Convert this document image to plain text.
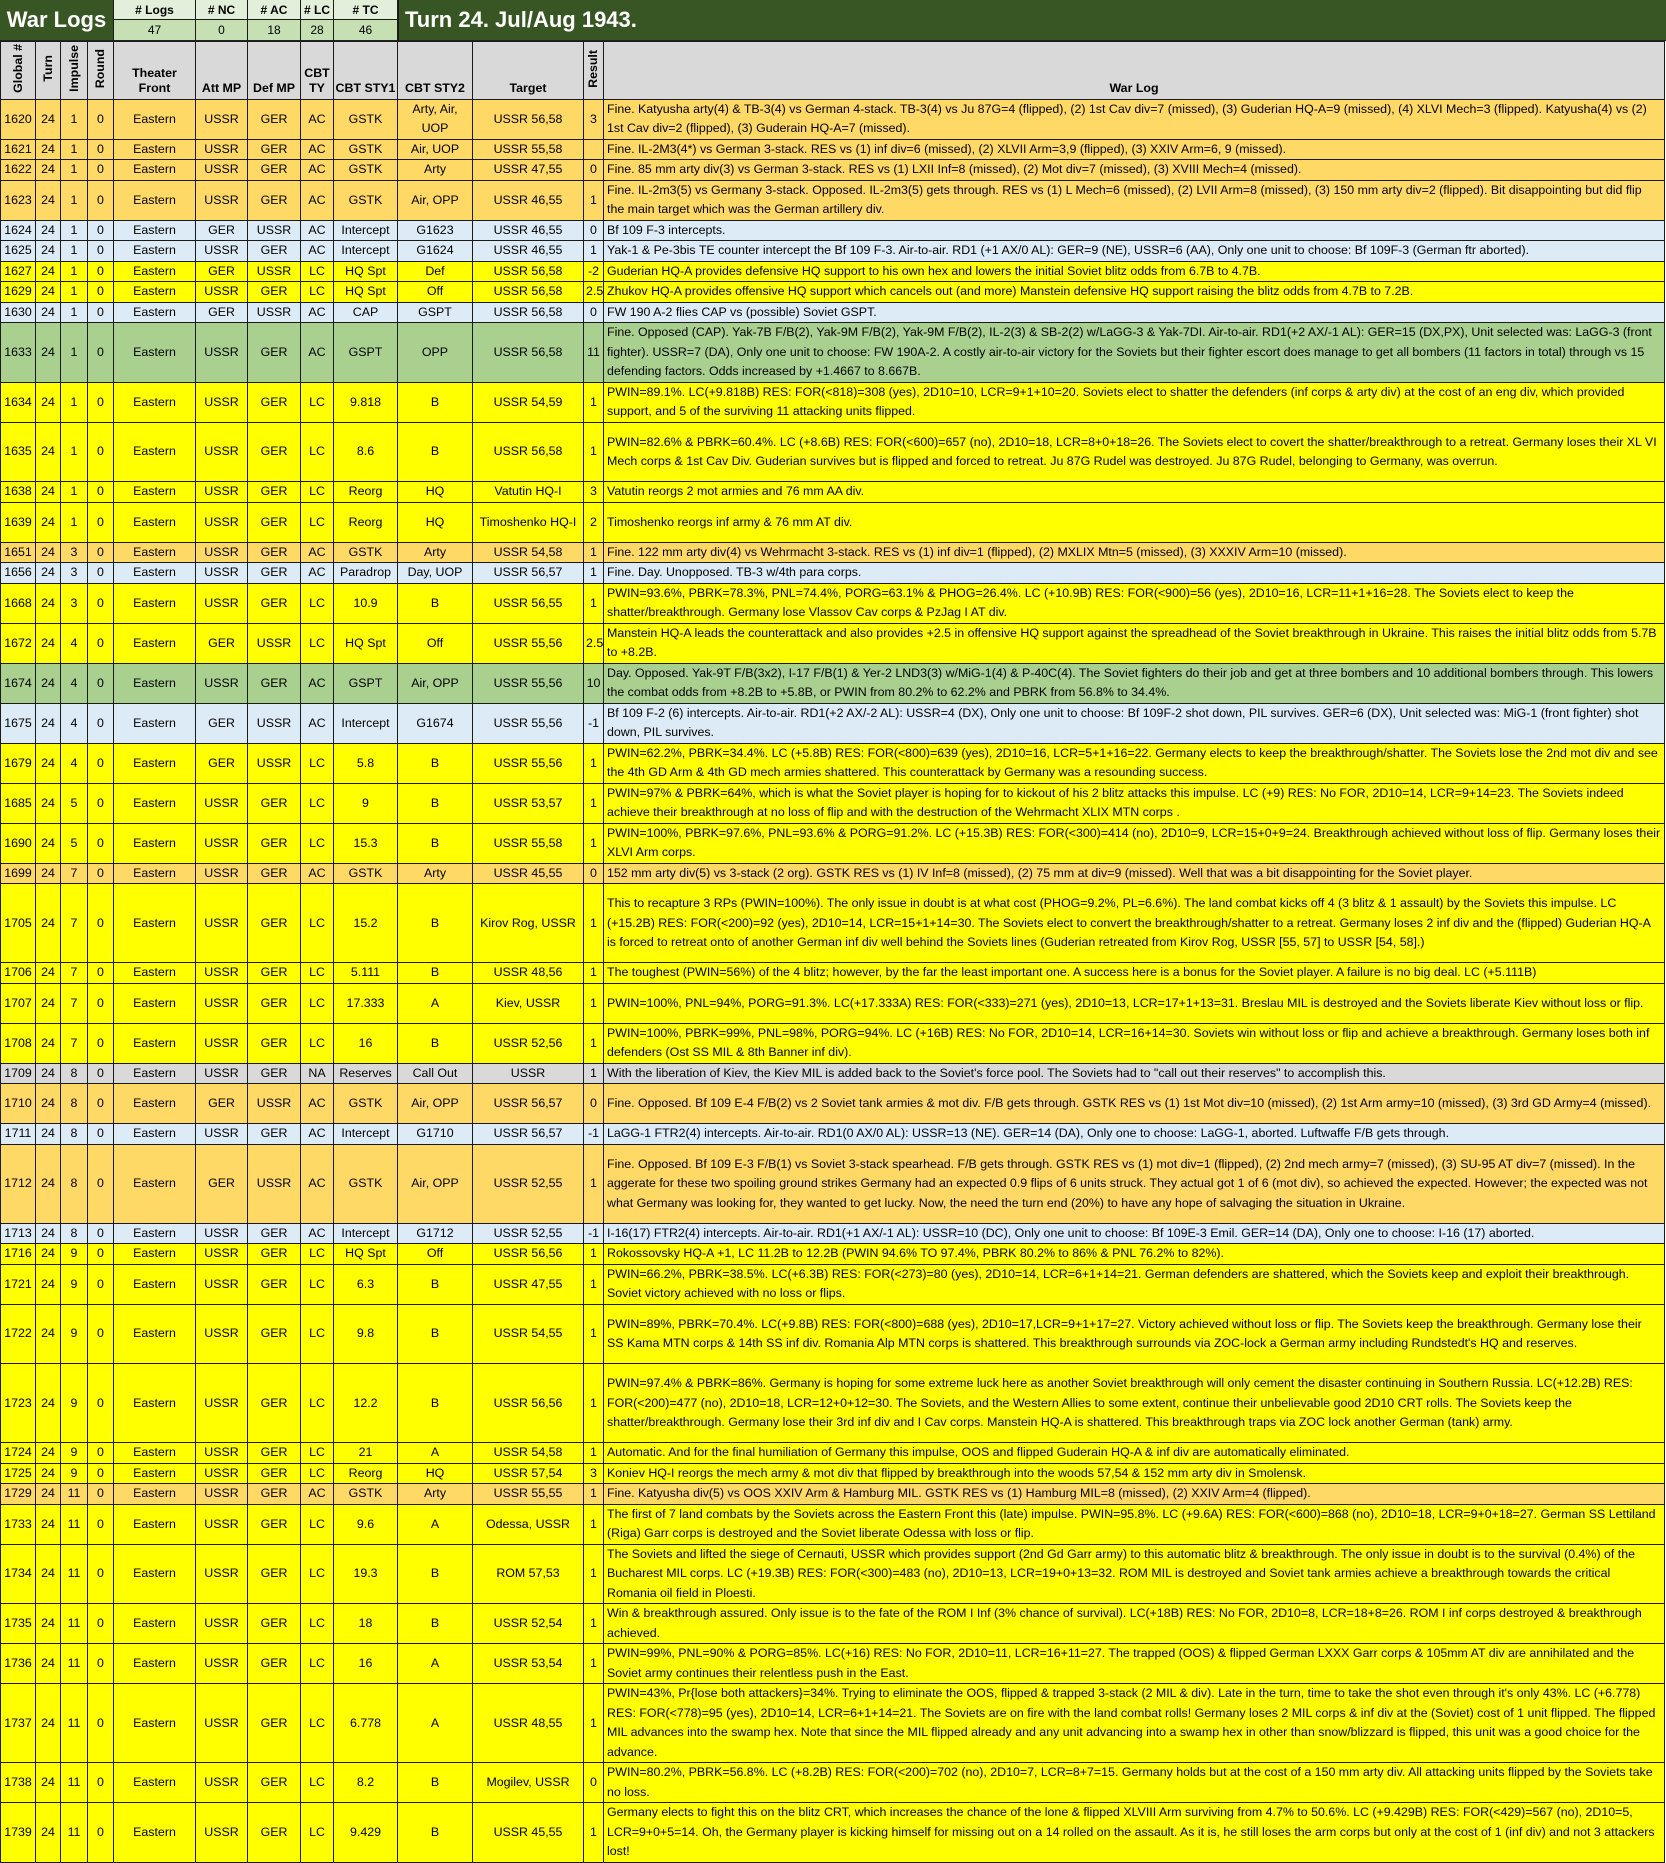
War Logs	# Logs
47
# NC
0
# AC
18
# LC
28
# TC
46	Turn 24. Jul/Aug 1943.
Global #	Turn	Impulse	Round	Theater Front	Att MP	Def MP	CBT TY	CBT STY1	CBT STY2	Target	Result	War Log
1620	24	1	0	Eastern	USSR	GER	AC	GSTK	Arty, Air, UOP	USSR 56,58	3	Fine. Katyusha arty(4) & TB-3(4) vs German 4-stack. TB-3(4) vs Ju 87G=4 (flipped), (2) 1st Cav div=7 (missed), (3) Guderian HQ-A=9 (missed), (4) XLVI Mech=3 (flipped). Katyusha(4) vs (2) 1st Cav div=2 (flipped), (3) Guderain HQ-A=7 (missed).
1621	24	1	0	Eastern	USSR	GER	AC	GSTK	Air, UOP	USSR 55,58		Fine. IL-2M3(4*) vs German 3-stack. RES vs (1) inf div=6 (missed), (2) XLVII Arm=3,9 (flipped), (3) XXIV Arm=6, 9 (missed).
1622	24	1	0	Eastern	USSR	GER	AC	GSTK	Arty	USSR 47,55	0	Fine. 85 mm arty div(3) vs German 3-stack. RES vs (1) LXII Inf=8 (missed), (2) Mot div=7 (missed), (3) XVIII Mech=4 (missed).
1623	24	1	0	Eastern	USSR	GER	AC	GSTK	Air, OPP	USSR 46,55	1	Fine. IL-2m3(5) vs Germany 3-stack. Opposed. IL-2m3(5) gets through. RES vs (1) L Mech=6 (missed), (2) LVII Arm=8 (missed), (3) 150 mm arty div=2 (flipped). Bit disappointing but did flip the main target which was the German artillery div.
1624	24	1	0	Eastern	GER	USSR	AC	Intercept	G1623	USSR 46,55	0	Bf 109 F-3 intercepts.
1625	24	1	0	Eastern	USSR	GER	AC	Intercept	G1624	USSR 46,55	1	Yak-1 & Pe-3bis TE counter intercept the Bf 109 F-3. Air-to-air. RD1 (+1 AX/0 AL): GER=9 (NE), USSR=6 (AA), Only one unit to choose: Bf 109F-3 (German ftr aborted).
1627	24	1	0	Eastern	GER	USSR	LC	HQ Spt	Def	USSR 56,58	-2	Guderian HQ-A provides defensive HQ support to his own hex and lowers the initial Soviet blitz odds from 6.7B to 4.7B.
1629	24	1	0	Eastern	USSR	GER	LC	HQ Spt	Off	USSR 56,58	2.5	Zhukov HQ-A provides offensive HQ support which cancels out (and more) Manstein defensive HQ support raising the blitz odds from 4.7B to 7.2B.
1630	24	1	0	Eastern	GER	USSR	AC	CAP	GSPT	USSR 56,58	0	FW 190 A-2 flies CAP vs (possible) Soviet GSPT.
1633	24	1	0	Eastern	USSR	GER	AC	GSPT	OPP	USSR 56,58	11	Fine. Opposed (CAP). Yak-7B F/B(2), Yak-9M F/B(2), Yak-9M F/B(2), IL-2(3) & SB-2(2) w/LaGG-3 & Yak-7DI. Air-to-air. RD1(+2 AX/-1 AL): GER=15 (DX,PX), Unit selected was: LaGG-3 (front fighter). USSR=7 (DA), Only one unit to choose: FW 190A-2. A costly air-to-air victory for the Soviets but their fighter escort does manage to get all bombers (11 factors in total) through vs 15 defending factors. Odds increased by +1.4667 to 8.667B.
1634	24	1	0	Eastern	USSR	GER	LC	9.818	B	USSR 54,59	1	PWIN=89.1%. LC(+9.818B) RES: FOR(<818)=308 (yes), 2D10=10, LCR=9+1+10=20. Soviets elect to shatter the defenders (inf corps & arty div) at the cost of an eng div, which provided support, and 5 of the surviving 11 attacking units flipped.
1635	24	1	0	Eastern	USSR	GER	LC	8.6	B	USSR 56,58	1	PWIN=82.6% & PBRK=60.4%. LC (+8.6B) RES: FOR(<600)=657 (no), 2D10=18, LCR=8+0+18=26. The Soviets elect to covert the shatter/breakthrough to a retreat. Germany loses their XL VI Mech corps & 1st Cav Div. Guderian survives but is flipped and forced to retreat. Ju 87G Rudel was destroyed. Ju 87G Rudel, belonging to Germany, was overrun.
1638	24	1	0	Eastern	USSR	GER	LC	Reorg	HQ	Vatutin HQ-I	3	Vatutin reorgs 2 mot armies and 76 mm AA div.
1639	24	1	0	Eastern	USSR	GER	LC	Reorg	HQ	Timoshenko HQ-I	2	Timoshenko reorgs inf army & 76 mm AT div.
1651	24	3	0	Eastern	USSR	GER	AC	GSTK	Arty	USSR 54,58	1	Fine. 122 mm arty div(4) vs Wehrmacht 3-stack. RES vs (1) inf div=1 (flipped), (2) MXLIX Mtn=5 (missed), (3) XXXIV Arm=10 (missed).
1656	24	3	0	Eastern	USSR	GER	AC	Paradrop	Day, UOP	USSR 56,57	1	Fine. Day. Unopposed. TB-3 w/4th para corps.
1668	24	3	0	Eastern	USSR	GER	LC	10.9	B	USSR 56,55	1	PWIN=93.6%, PBRK=78.3%, PNL=74.4%, PORG=63.1% & PHOG=26.4%. LC (+10.9B) RES: FOR(<900)=56 (yes), 2D10=16, LCR=11+1+16=28. The Soviets elect to keep the shatter/breakthrough. Germany lose Vlassov Cav corps & PzJag I AT div.
1672	24	4	0	Eastern	GER	USSR	LC	HQ Spt	Off	USSR 55,56	2.5	Manstein HQ-A leads the counterattack and also provides +2.5 in offensive HQ support against the spreadhead of the Soviet breakthrough in Ukraine. This raises the initial blitz odds from 5.7B to +8.2B.
1674	24	4	0	Eastern	USSR	GER	AC	GSPT	Air, OPP	USSR 55,56	10	Day. Opposed. Yak-9T F/B(3x2), I-17 F/B(1) & Yer-2 LND3(3) w/MiG-1(4) & P-40C(4). The Soviet fighters do their job and get at three bombers and 10 additional bombers through. This lowers the combat odds from +8.2B to +5.8B, or PWIN from 80.2% to 62.2% and PBRK from 56.8% to 34.4%.
1675	24	4	0	Eastern	GER	USSR	AC	Intercept	G1674	USSR 55,56	-1	Bf 109 F-2 (6) intercepts. Air-to-air. RD1(+2 AX/-2 AL): USSR=4 (DX), Only one unit to choose: Bf 109F-2 shot down, PIL survives. GER=6 (DX), Unit selected was: MiG-1 (front fighter) shot down, PIL survives.
1679	24	4	0	Eastern	GER	USSR	LC	5.8	B	USSR 55,56	1	PWIN=62.2%, PBRK=34.4%. LC (+5.8B) RES: FOR(<800)=639 (yes), 2D10=16, LCR=5+1+16=22. Germany elects to keep the breakthrough/shatter. The Soviets lose the 2nd mot div and see the 4th GD Arm & 4th GD mech armies shattered. This counterattack by Germany was a resounding success.
1685	24	5	0	Eastern	USSR	GER	LC	9	B	USSR 53,57	1	PWIN=97% & PBRK=64%, which is what the Soviet player is hoping for to kickout of his 2 blitz attacks this impulse. LC (+9) RES: No FOR, 2D10=14, LCR=9+14=23. The Soviets indeed achieve their breakthrough at no loss of flip and with the destruction of the Wehrmacht XLIX MTN corps .
1690	24	5	0	Eastern	USSR	GER	LC	15.3	B	USSR 55,58	1	PWIN=100%, PBRK=97.6%, PNL=93.6% & PORG=91.2%. LC (+15.3B) RES: FOR(<300)=414 (no), 2D10=9, LCR=15+0+9=24. Breakthrough achieved without loss of flip. Germany loses their XLVI Arm corps.
1699	24	7	0	Eastern	USSR	GER	AC	GSTK	Arty	USSR 45,55	0	152 mm arty div(5) vs 3-stack (2 org). GSTK RES vs (1) IV Inf=8 (missed), (2) 75 mm at div=9 (missed). Well that was a bit disappointing for the Soviet player.
1705	24	7	0	Eastern	USSR	GER	LC	15.2	B	Kirov Rog, USSR	1	This to recapture 3 RPs (PWIN=100%). The only issue in doubt is at what cost (PHOG=9.2%, PL=6.6%). The land combat kicks off 4 (3 blitz & 1 assault) by the Soviets this impulse. LC (+15.2B) RES: FOR(<200)=92 (yes), 2D10=14, LCR=15+1+14=30. The Soviets elect to convert the breakthrough/shatter to a retreat. Germany loses 2 inf div and the (flipped) Guderian HQ-A is forced to retreat onto of another German inf div well behind the Soviets lines (Guderian retreated from Kirov Rog, USSR [55, 57] to USSR [54, 58].)
1706	24	7	0	Eastern	USSR	GER	LC	5.111	B	USSR 48,56	1	The toughest (PWIN=56%) of the 4 blitz; however, by the far the least important one. A success here is a bonus for the Soviet player. A failure is no big deal. LC (+5.111B)
1707	24	7	0	Eastern	USSR	GER	LC	17.333	A	Kiev, USSR	1	PWIN=100%, PNL=94%, PORG=91.3%. LC(+17.333A) RES: FOR(<333)=271 (yes), 2D10=13, LCR=17+1+13=31. Breslau MIL is destroyed and the Soviets liberate Kiev without loss or flip.
1708	24	7	0	Eastern	USSR	GER	LC	16	B	USSR 52,56	1	PWIN=100%, PBRK=99%, PNL=98%, PORG=94%. LC (+16B) RES: No FOR, 2D10=14, LCR=16+14=30. Soviets win without loss or flip and achieve a breakthrough. Germany loses both inf defenders (Ost SS MIL & 8th Banner inf div).
1709	24	8	0	Eastern	USSR	GER	NA	Reserves	Call Out	USSR	1	With the liberation of Kiev, the Kiev MIL is added back to the Soviet's force pool. The Soviets had to "call out their reserves" to accomplish this.
1710	24	8	0	Eastern	GER	USSR	AC	GSTK	Air, OPP	USSR 56,57	0	Fine. Opposed. Bf 109 E-4 F/B(2) vs 2 Soviet tank armies & mot div. F/B gets through. GSTK RES vs (1) 1st Mot div=10 (missed), (2) 1st Arm army=10 (missed), (3) 3rd GD Army=4 (missed).
1711	24	8	0	Eastern	USSR	GER	AC	Intercept	G1710	USSR 56,57	-1	LaGG-1 FTR2(4) intercepts. Air-to-air. RD1(0 AX/0 AL): USSR=13 (NE). GER=14 (DA), Only one to choose: LaGG-1, aborted. Luftwaffe F/B gets through.
1712	24	8	0	Eastern	GER	USSR	AC	GSTK	Air, OPP	USSR 52,55	1	Fine. Opposed. Bf 109 E-3 F/B(1) vs Soviet 3-stack spearhead. F/B gets through. GSTK RES vs (1) mot div=1 (flipped), (2) 2nd mech army=7 (missed), (3) SU-95 AT div=7 (missed). In the aggerate for these two spoiling ground strikes Germany had an expected 0.9 flips of 6 units struck. They actual got 1 of 6 (mot div), so achieved the expected. However; the expected was not what Germany was looking for, they wanted to get lucky. Now, the need the turn end (20%) to have any hope of salvaging the situation in Ukraine.
1713	24	8	0	Eastern	USSR	GER	AC	Intercept	G1712	USSR 52,55	-1	I-16(17) FTR2(4) intercepts. Air-to-air. RD1(+1 AX/-1 AL): USSR=10 (DC), Only one unit to choose: Bf 109E-3 Emil. GER=14 (DA), Only one to choose: I-16 (17) aborted.
1716	24	9	0	Eastern	USSR	GER	LC	HQ Spt	Off	USSR 56,56	1	Rokossovsky HQ-A +1, LC 11.2B to 12.2B (PWIN 94.6% TO 97.4%, PBRK 80.2% to 86% & PNL 76.2% to 82%).
1721	24	9	0	Eastern	USSR	GER	LC	6.3	B	USSR 47,55	1	PWIN=66.2%, PBRK=38.5%. LC(+6.3B) RES: FOR(<273)=80 (yes), 2D10=14, LCR=6+1+14=21. German defenders are shattered, which the Soviets keep and exploit their breakthrough. Soviet victory achieved with no loss or flips.
1722	24	9	0	Eastern	USSR	GER	LC	9.8	B	USSR 54,55	1	PWIN=89%, PBRK=70.4%. LC(+9.8B) RES: FOR(<800)=688 (yes), 2D10=17,LCR=9+1+17=27. Victory achieved without loss or flip. The Soviets keep the breakthrough. Germany lose their SS Kama MTN corps & 14th SS inf div. Romania Alp MTN corps is shattered. This breakthrough surrounds via ZOC-lock a German army including Rundstedt's HQ and reserves.
1723	24	9	0	Eastern	USSR	GER	LC	12.2	B	USSR 56,56	1	PWIN=97.4% & PBRK=86%. Germany is hoping for some extreme luck here as another Soviet breakthrough will only cement the disaster continuing in Southern Russia. LC(+12.2B) RES: FOR(<200)=477 (no), 2D10=18, LCR=12+0+12=30. The Soviets, and the Western Allies to some extent, continue their unbelievable good 2D10 CRT rolls. The Soviets keep the shatter/breakthrough. Germany lose their 3rd inf div and I Cav corps. Manstein HQ-A is shattered. This breakthrough traps via ZOC lock another German (tank) army.
1724	24	9	0	Eastern	USSR	GER	LC	21	A	USSR 54,58	1	Automatic. And for the final humiliation of Germany this impulse, OOS and flipped Guderain HQ-A & inf div are automatically eliminated.
1725	24	9	0	Eastern	USSR	GER	LC	Reorg	HQ	USSR 57,54	3	Koniev HQ-I reorgs the mech army & mot div that flipped by breakthrough into the woods 57,54 & 152 mm arty div in Smolensk.
1729	24	11	0	Eastern	USSR	GER	AC	GSTK	Arty	USSR 55,55	1	Fine. Katyusha div(5) vs OOS XXIV Arm & Hamburg MIL. GSTK RES vs (1) Hamburg MIL=8 (missed), (2) XXIV Arm=4 (flipped).
1733	24	11	0	Eastern	USSR	GER	LC	9.6	A	Odessa, USSR	1	The first of 7 land combats by the Soviets across the Eastern Front this (late) impulse. PWIN=95.8%. LC (+9.6A) RES: FOR(<600)=868 (no), 2D10=18, LCR=9+0+18=27. German SS Lettiland (Riga) Garr corps is destroyed and the Soviet liberate Odessa with loss or flip.
1734	24	11	0	Eastern	USSR	GER	LC	19.3	B	ROM 57,53	1	The Soviets and lifted the siege of Cernauti, USSR which provides support (2nd Gd Garr army) to this automatic blitz & breakthrough. The only issue in doubt is to the survival (0.4%) of the Bucharest MIL corps. LC (+19.3B) RES: FOR(<300)=483 (no), 2D10=13, LCR=19+0+13=32. ROM MIL is destroyed and Soviet tank armies achieve a breakthrough towards the critical Romania oil field in Ploesti.
1735	24	11	0	Eastern	USSR	GER	LC	18	B	USSR 52,54	1	Win & breakthrough assured. Only issue is to the fate of the ROM I Inf (3% chance of survival). LC(+18B) RES: No FOR, 2D10=8, LCR=18+8=26. ROM I inf corps destroyed & breakthrough achieved.
1736	24	11	0	Eastern	USSR	GER	LC	16	A	USSR 53,54	1	PWIN=99%, PNL=90% & PORG=85%. LC(+16) RES: No FOR, 2D10=11, LCR=16+11=27. The trapped (OOS) & flipped German LXXX Garr corps & 105mm AT div are annihilated and the Soviet army continues their relentless push in the East.
1737	24	11	0	Eastern	USSR	GER	LC	6.778	A	USSR 48,55	1	PWIN=43%, Pr{lose both attackers}=34%. Trying to eliminate the OOS, flipped & trapped 3-stack (2 MIL & div). Late in the turn, time to take the shot even through it's only 43%. LC (+6.778) RES: FOR(<778)=95 (yes), 2D10=14, LCR=6+1+14=21. The Soviets are on fire with the land combat rolls! Germany loses 2 MIL corps & inf div at the (Soviet) cost of 1 unit flipped. The flipped MIL advances into the swamp hex. Note that since the MIL flipped already and any unit advancing into a swamp hex in other than snow/blizzard is flipped, this unit was a good choice for the advance.
1738	24	11	0	Eastern	USSR	GER	LC	8.2	B	Mogilev, USSR	0	PWIN=80.2%, PBRK=56.8%. LC (+8.2B) RES: FOR(<200)=702 (no), 2D10=7, LCR=8+7=15. Germany holds but at the cost of a 150 mm arty div. All attacking units flipped by the Soviets take no loss.
1739	24	11	0	Eastern	USSR	GER	LC	9.429	B	USSR 45,55	1	Germany elects to fight this on the blitz CRT, which increases the chance of the lone & flipped XLVIII Arm surviving from 4.7% to 50.6%. LC (+9.429B) RES: FOR(<429)=567 (no), 2D10=5, LCR=9+0+5=14. Oh, the Germany player is kicking himself for missing out on a 14 rolled on the assault. As it is, he still loses the arm corps but only at the cost of 1 (inf div) and not 3 attackers lost!
